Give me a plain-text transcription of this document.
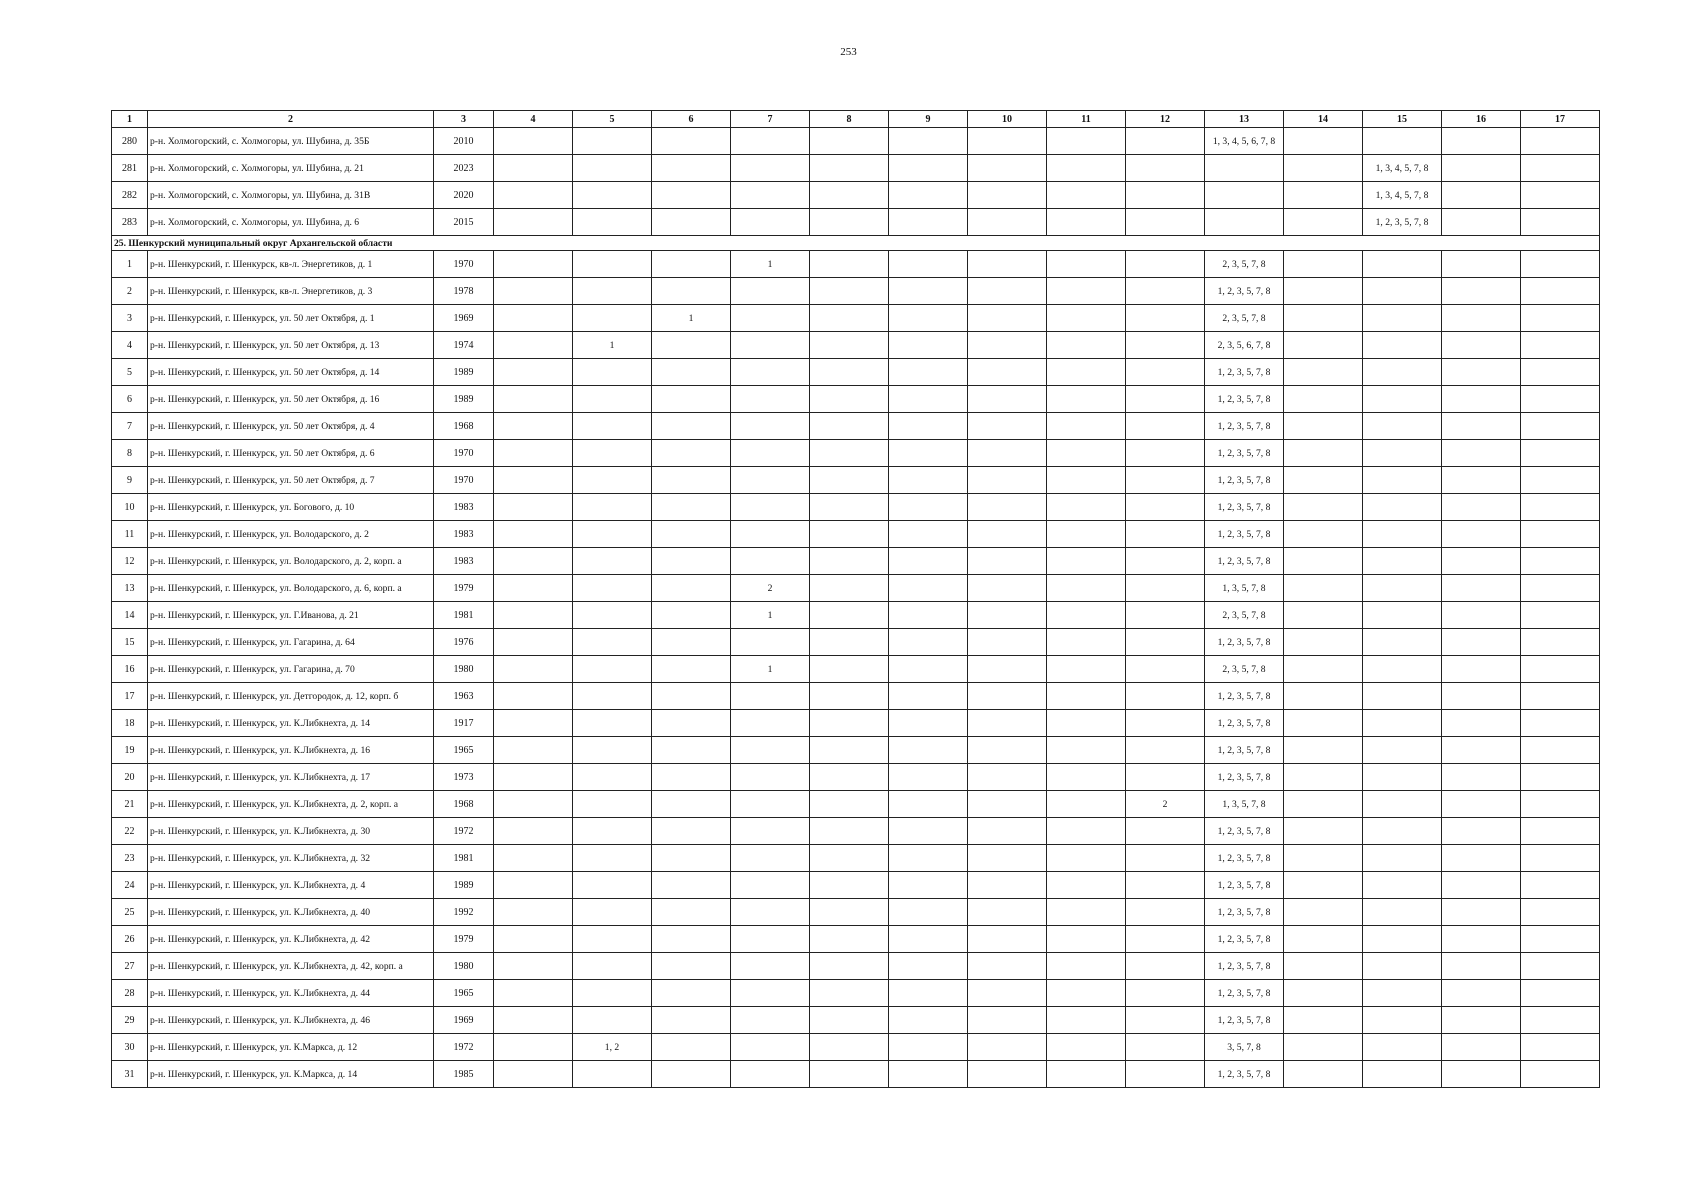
253
1	2	3	4	5	6	7	8	9	10	11	12	13	14	15	16	17
280	р-н. Холмогорский, с. Холмогоры, ул. Шубина, д. 35Б	2010										1, 3, 4, 5, 6, 7, 8				
281	р-н. Холмогорский, с. Холмогоры, ул. Шубина, д. 21	2023												1, 3, 4, 5, 7, 8		
282	р-н. Холмогорский, с. Холмогоры, ул. Шубина, д. 31В	2020												1, 3, 4, 5, 7, 8		
283	р-н. Холмогорский, с. Холмогоры, ул. Шубина, д. 6	2015												1, 2, 3, 5, 7, 8		
25. Шенкурский муниципальный округ Архангельской области																
1	р-н. Шенкурский, г. Шенкурск, кв-л. Энергетиков, д. 1	1970				1						2, 3, 5, 7, 8				
2	р-н. Шенкурский, г. Шенкурск, кв-л. Энергетиков, д. 3	1978										1, 2, 3, 5, 7, 8				
3	р-н. Шенкурский, г. Шенкурск, ул. 50 лет Октября, д. 1	1969			1							2, 3, 5, 7, 8				
4	р-н. Шенкурский, г. Шенкурск, ул. 50 лет Октября, д. 13	1974		1								2, 3, 5, 6, 7, 8				
5	р-н. Шенкурский, г. Шенкурск, ул. 50 лет Октября, д. 14	1989										1, 2, 3, 5, 7, 8				
6	р-н. Шенкурский, г. Шенкурск, ул. 50 лет Октября, д. 16	1989										1, 2, 3, 5, 7, 8				
7	р-н. Шенкурский, г. Шенкурск, ул. 50 лет Октября, д. 4	1968										1, 2, 3, 5, 7, 8				
8	р-н. Шенкурский, г. Шенкурск, ул. 50 лет Октября, д. 6	1970										1, 2, 3, 5, 7, 8				
9	р-н. Шенкурский, г. Шенкурск, ул. 50 лет Октября, д. 7	1970										1, 2, 3, 5, 7, 8				
10	р-н. Шенкурский, г. Шенкурск, ул. Богового, д. 10	1983										1, 2, 3, 5, 7, 8				
11	р-н. Шенкурский, г. Шенкурск, ул. Володарского, д. 2	1983										1, 2, 3, 5, 7, 8				
12	р-н. Шенкурский, г. Шенкурск, ул. Володарского, д. 2, корп. а	1983										1, 2, 3, 5, 7, 8				
13	р-н. Шенкурский, г. Шенкурск, ул. Володарского, д. 6, корп. а	1979				2						1, 3, 5, 7, 8				
14	р-н. Шенкурский, г. Шенкурск, ул. Г.Иванова, д. 21	1981				1						2, 3, 5, 7, 8				
15	р-н. Шенкурский, г. Шенкурск, ул. Гагарина, д. 64	1976										1, 2, 3, 5, 7, 8				
16	р-н. Шенкурский, г. Шенкурск, ул. Гагарина, д. 70	1980				1						2, 3, 5, 7, 8				
17	р-н. Шенкурский, г. Шенкурск, ул. Детгородок, д. 12, корп. б	1963										1, 2, 3, 5, 7, 8				
18	р-н. Шенкурский, г. Шенкурск, ул. К.Либкнехта, д. 14	1917										1, 2, 3, 5, 7, 8				
19	р-н. Шенкурский, г. Шенкурск, ул. К.Либкнехта, д. 16	1965										1, 2, 3, 5, 7, 8				
20	р-н. Шенкурский, г. Шенкурск, ул. К.Либкнехта, д. 17	1973										1, 2, 3, 5, 7, 8				
21	р-н. Шенкурский, г. Шенкурск, ул. К.Либкнехта, д. 2, корп. а	1968									2	1, 3, 5, 7, 8				
22	р-н. Шенкурский, г. Шенкурск, ул. К.Либкнехта, д. 30	1972										1, 2, 3, 5, 7, 8				
23	р-н. Шенкурский, г. Шенкурск, ул. К.Либкнехта, д. 32	1981										1, 2, 3, 5, 7, 8				
24	р-н. Шенкурский, г. Шенкурск, ул. К.Либкнехта, д. 4	1989										1, 2, 3, 5, 7, 8				
25	р-н. Шенкурский, г. Шенкурск, ул. К.Либкнехта, д. 40	1992										1, 2, 3, 5, 7, 8				
26	р-н. Шенкурский, г. Шенкурск, ул. К.Либкнехта, д. 42	1979										1, 2, 3, 5, 7, 8				
27	р-н. Шенкурский, г. Шенкурск, ул. К.Либкнехта, д. 42, корп. а	1980										1, 2, 3, 5, 7, 8				
28	р-н. Шенкурский, г. Шенкурск, ул. К.Либкнехта, д. 44	1965										1, 2, 3, 5, 7, 8				
29	р-н. Шенкурский, г. Шенкурск, ул. К.Либкнехта, д. 46	1969										1, 2, 3, 5, 7, 8				
30	р-н. Шенкурский, г. Шенкурск, ул. К.Маркса, д. 12	1972		1, 2								3, 5, 7, 8				
31	р-н. Шенкурский, г. Шенкурск, ул. К.Маркса, д. 14	1985										1, 2, 3, 5, 7, 8				
